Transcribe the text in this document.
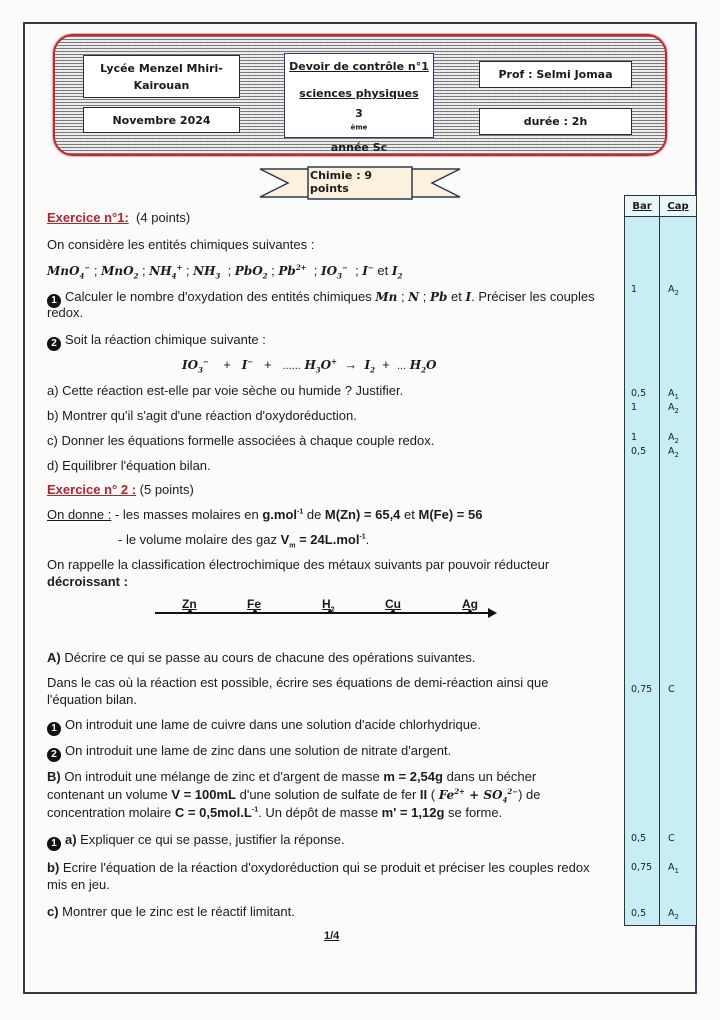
Lycée Menzel Mhiri-
Kairouan
Novembre 2024
Devoir de contrôle n°1
sciences physiques
3
$^{ème}$
année Sc
Prof : Selmi Jomaa
durée : 2h
Chimie : 9 points
Bar	Cap
1	$A_2$
0,5 $A_1$
1	$A_2$
1	$A_2$
0,5 $A_2$
0,75 C
0,5 C
0,75 $A_1$
0,5 $A_2$
Exercice n°1: (4 points)
On considère les entités chimiques suivantes :
MnO$_4$− ; MnO$_2$ ; $NH_4^+$ ; $NH_3$  ; PbO$_2$ ; $Pb^{2+}$  ; $IO_3^-$  ; I− et $I_2$
1 Calculer le nombre d'oxydation des entités chimiques Mn ; N ; Pb et I. Préciser les couples
redox.
2 Soit la réaction chimique suivante :
$IO_3^-$    +   I−   +   ...... $H_3O^+ \to I_2$  +  ... $H_2O$
a) Cette réaction est-elle par voie sèche ou humide ? Justifier.
b) Montrer qu'il s'agit d'une réaction d'oxydoréduction.
c) Donner les équations formelle associées à chaque couple redox.
d) Equilibrer l'équation bilan.
Exercice n° 2 : (5 points)
On donne : - les masses molaires en g.mol$^{-1}$ de M(Zn) = 65,4 et M(Fe) = 56
- le volume molaire des gaz $V_m = 24L.mol^{-1}$.
On rappelle la classification électrochimique des métaux suivants par pouvoir réducteur
décroissant :
Zn	Fe	$H_2$	Cu	Ag
A) Décrire ce qui se passe au cours de chacune des opérations suivantes.
Dans le cas où la réaction est possible, écrire ses équations de demi-réaction ainsi que
l'équation bilan.
1 On introduit une lame de cuivre dans une solution d'acide chlorhydrique.
2 On introduit une lame de zinc dans une solution de nitrate d'argent.
B) On introduit une mélange de zinc et d'argent de masse m = 2,54g dans un bécher
contenant un volume V = 100mL d'une solution de sulfate de fer II ( $Fe^{2+} + SO_4^{2-}$) de
concentration molaire $C = 0,5mol.L^{-1}$. Un dépôt de masse m' = 1,12g se forme.
1 a) Expliquer ce qui se passe, justifier la réponse.
b) Ecrire l'équation de la réaction d'oxydoréduction qui se produit et préciser les couples redox
mis en jeu.
c) Montrer que le zinc est le réactif limitant.
1/4
